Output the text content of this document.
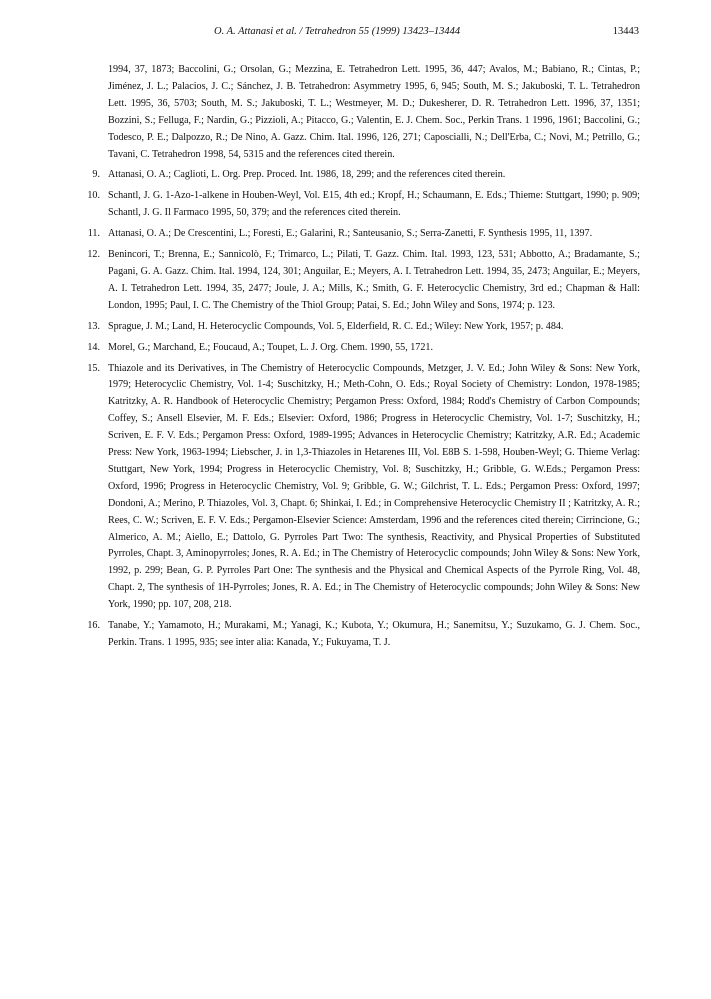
O. A. Attanasi et al. / Tetrahedron 55 (1999) 13423–13444	13443
1994, 37, 1873; Baccolini, G.; Orsolan, G.; Mezzina, E. Tetrahedron Lett. 1995, 36, 447; Avalos, M.; Babiano, R.; Cintas, P.; Jiménez, J. L.; Palacios, J. C.; Sánchez, J. B. Tetrahedron: Asymmetry 1995, 6, 945; South, M. S.; Jakuboski, T. L. Tetrahedron Lett. 1995, 36, 5703; South, M. S.; Jakuboski, T. L.; Westmeyer, M. D.; Dukesherer, D. R. Tetrahedron Lett. 1996, 37, 1351; Bozzini, S.; Felluga, F.; Nardin, G.; Pizzioli, A.; Pitacco, G.; Valentin, E. J. Chem. Soc., Perkin Trans. 1 1996, 1961; Baccolini, G.; Todesco, P. E.; Dalpozzo, R.; De Nino, A. Gazz. Chim. Ital. 1996, 126, 271; Caposcialli, N.; Dell'Erba, C.; Novi, M.; Petrillo, G.; Tavani, C. Tetrahedron 1998, 54, 5315 and the references cited therein.
9. Attanasi, O. A.; Caglioti, L. Org. Prep. Proced. Int. 1986, 18, 299; and the references cited therein.
10. Schantl, J. G. 1-Azo-1-alkene in Houben-Weyl, Vol. E15, 4th ed.; Kropf, H.; Schaumann, E. Eds.; Thieme: Stuttgart, 1990; p. 909; Schantl, J. G. Il Farmaco 1995, 50, 379; and the references cited therein.
11. Attanasi, O. A.; De Crescentini, L.; Foresti, E.; Galarini, R.; Santeusanio, S.; Serra-Zanetti, F. Synthesis 1995, 11, 1397.
12. Benincori, T.; Brenna, E.; Sannicolò, F.; Trimarco, L.; Pilati, T. Gazz. Chim. Ital. 1993, 123, 531; Abbotto, A.; Bradamante, S.; Pagani, G. A. Gazz. Chim. Ital. 1994, 124, 301; Anguilar, E.; Meyers, A. I. Tetrahedron Lett. 1994, 35, 2473; Anguilar, E.; Meyers, A. I. Tetrahedron Lett. 1994, 35, 2477; Joule, J. A.; Mills, K.; Smith, G. F. Heterocyclic Chemistry, 3rd ed.; Chapman & Hall: London, 1995; Paul, I. C. The Chemistry of the Thiol Group; Patai, S. Ed.; John Wiley and Sons, 1974; p. 123.
13. Sprague, J. M.; Land, H. Heterocyclic Compounds, Vol. 5, Elderfield, R. C. Ed.; Wiley: New York, 1957; p. 484.
14. Morel, G.; Marchand, E.; Foucaud, A.; Toupet, L. J. Org. Chem. 1990, 55, 1721.
15. Thiazole and its Derivatives, in The Chemistry of Heterocyclic Compounds, Metzger, J. V. Ed.; John Wiley & Sons: New York, 1979; Heterocyclic Chemistry, Vol. 1-4; Suschitzky, H.; Meth-Cohn, O. Eds.; Royal Society of Chemistry: London, 1978-1985; Katritzky, A. R. Handbook of Heterocyclic Chemistry; Pergamon Press: Oxford, 1984; Rodd's Chemistry of Carbon Compounds; Coffey, S.; Ansell Elsevier, M. F. Eds.; Elsevier: Oxford, 1986; Progress in Heterocyclic Chemistry, Vol. 1-7; Suschitzky, H.; Scriven, E. F. V. Eds.; Pergamon Press: Oxford, 1989-1995; Advances in Heterocyclic Chemistry; Katritzky, A.R. Ed.; Academic Press: New York, 1963-1994; Liebscher, J. in 1,3-Thiazoles in Hetarenes III, Vol. E8B S. 1-598, Houben-Weyl; G. Thieme Verlag: Stuttgart, New York, 1994; Progress in Heterocyclic Chemistry, Vol. 8; Suschitzky, H.; Gribble, G. W.Eds.; Pergamon Press: Oxford, 1996; Progress in Heterocyclic Chemistry, Vol. 9; Gribble, G. W.; Gilchrist, T. L. Eds.; Pergamon Press: Oxford, 1997; Dondoni, A.; Merino, P. Thiazoles, Vol. 3, Chapt. 6; Shinkai, I. Ed.; in Comprehensive Heterocyclic Chemistry II ; Katritzky, A. R.; Rees, C. W.; Scriven, E. F. V. Eds.; Pergamon-Elsevier Science: Amsterdam, 1996 and the references cited therein; Cirrincione, G.; Almerico, A. M.; Aiello, E.; Dattolo, G. Pyrroles Part Two: The synthesis, Reactivity, and Physical Properties of Substituted Pyrroles, Chapt. 3, Aminopyrroles; Jones, R. A. Ed.; in The Chemistry of Heterocyclic compounds; John Wiley & Sons: New York, 1992, p. 299; Bean, G. P. Pyrroles Part One: The synthesis and the Physical and Chemical Aspects of the Pyrrole Ring, Vol. 48, Chapt. 2, The synthesis of 1H-Pyrroles; Jones, R. A. Ed.; in The Chemistry of Heterocyclic compounds; John Wiley & Sons: New York, 1990; pp. 107, 208, 218.
16. Tanabe, Y.; Yamamoto, H.; Murakami, M.; Yanagi, K.; Kubota, Y.; Okumura, H.; Sanemitsu, Y.; Suzukamo, G. J. Chem. Soc., Perkin. Trans. 1 1995, 935; see inter alia: Kanada, Y.; Fukuyama, T. J.
